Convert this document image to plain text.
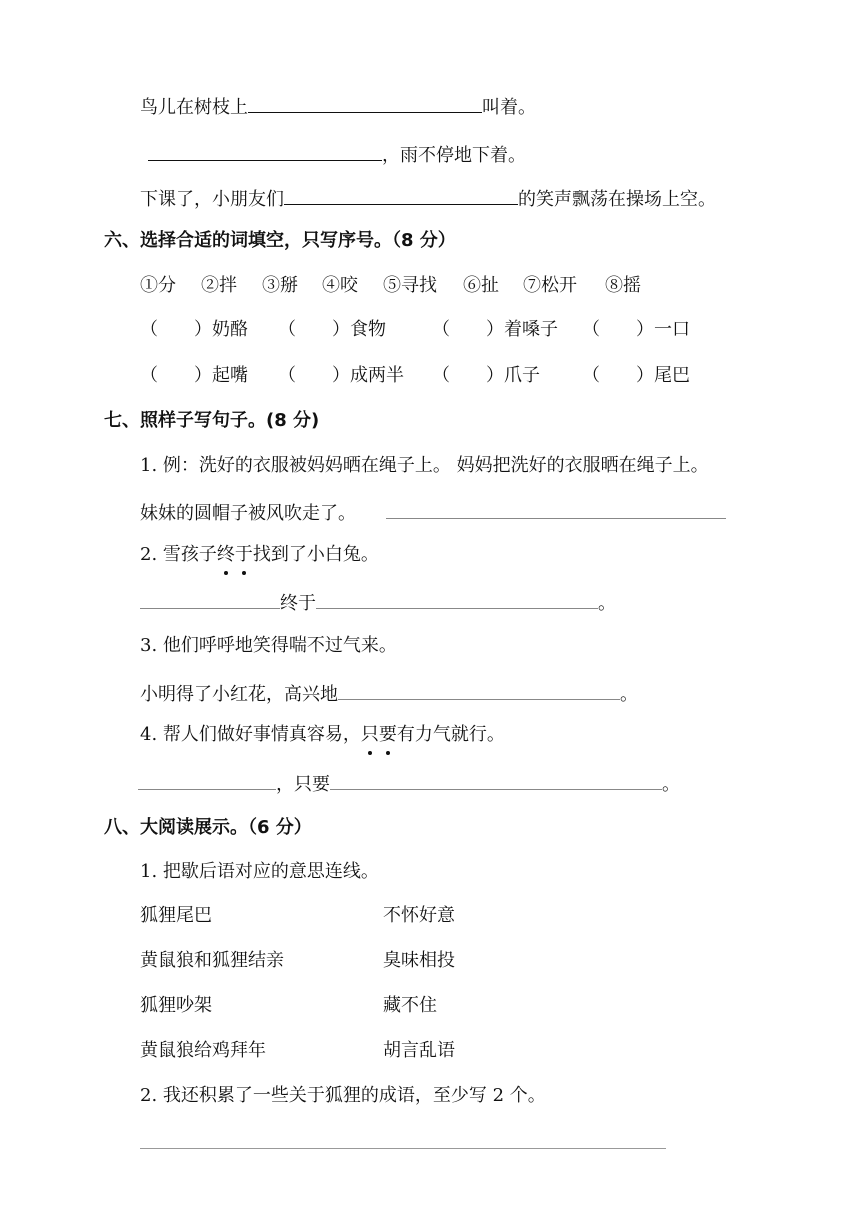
鸟儿在树枝上	叫着。
，雨不停地下着。
下课了，小朋友们	的笑声飘荡在操场上空。
六、选择合适的词填空，只写序号。（8 分）
①分 ②拌 ③掰 ④咬 ⑤寻找 ⑥扯 ⑦松开 ⑧摇
（　　）奶酪 （　　）食物	（　　）着嗓子 （　　）一口
（　　）起嘴 （　　）成两半 （　　）爪子 （　　）尾巴
七、照样子写句子。(8 分)
1. 例：洗好的衣服被妈妈晒在绳子上。 妈妈把洗好的衣服晒在绳子上。
妹妹的圆帽子被风吹走了。
2. 雪孩子终于找到了小白兔。
终于	。
3. 他们呼呼地笑得喘不过气来。
小明得了小红花，高兴地	。
4. 帮人们做好事情真容易，只要有力气就行。
，只要	。
八、大阅读展示。（6 分）
1. 把歇后语对应的意思连线。
狐狸尾巴	不怀好意
黄鼠狼和狐狸结亲	臭味相投
狐狸吵架	藏不住
黄鼠狼给鸡拜年	胡言乱语
2. 我还积累了一些关于狐狸的成语，至少写 2 个。
